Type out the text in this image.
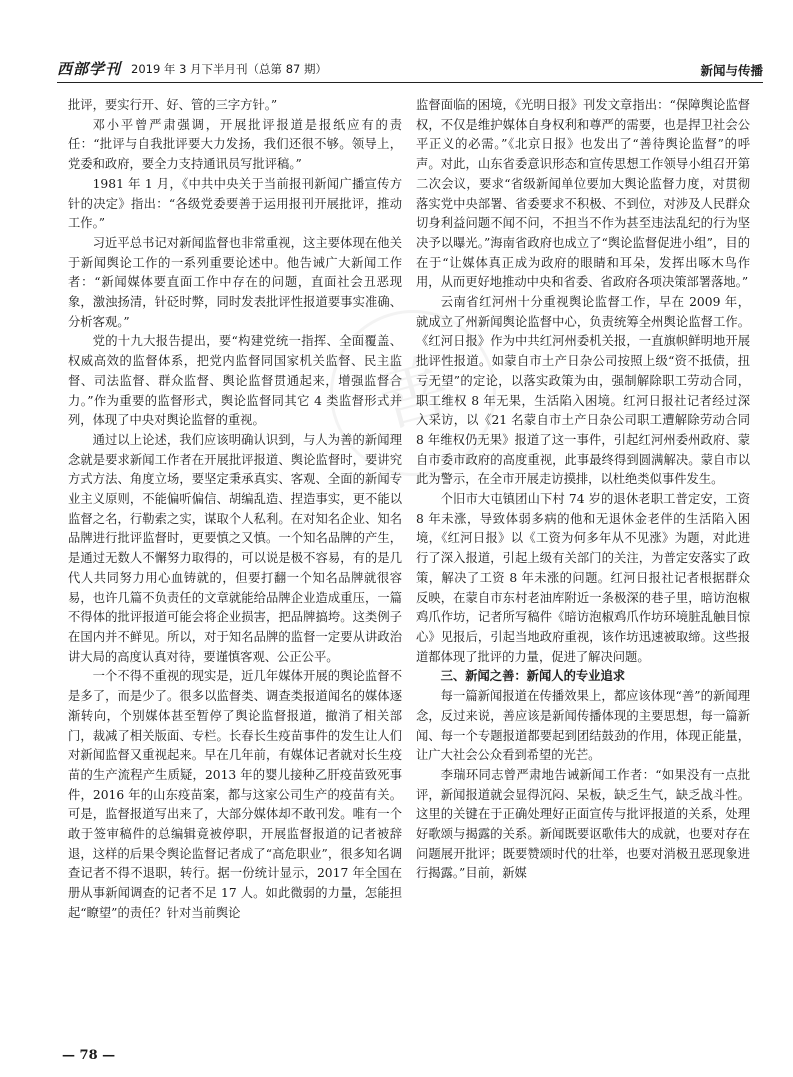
西部学刊 2019 年 3 月下半月刊（总第 87 期）	新闻与传播
善

批评，要实行开、好、管的三字方针。”

邓小平曾严肃强调，开展批评报道是报纸应有的责任：“批评与自我批评要大力发扬，我们还很不够。领导上，党委和政府，要全力支持通讯员写批评稿。”

1981 年 1 月，《中共中央关于当前报刊新闻广播宣传方针的决定》指出：“各级党委要善于运用报刊开展批评，推动工作。”

习近平总书记对新闻监督也非常重视，这主要体现在他关于新闻舆论工作的一系列重要论述中。他告诫广大新闻工作者：“新闻媒体要直面工作中存在的问题，直面社会丑恶现象，激浊扬清，针砭时弊，同时发表批评性报道要事实准确、分析客观。”

党的十九大报告提出，要“构建党统一指挥、全面覆盖、权威高效的监督体系，把党内监督同国家机关监督、民主监督、司法监督、群众监督、舆论监督贯通起来，增强监督合力。”作为重要的监督形式，舆论监督同其它 4 类监督形式并列，体现了中央对舆论监督的重视。

通过以上论述，我们应该明确认识到，与人为善的新闻理念就是要求新闻工作者在开展批评报道、舆论监督时，要讲究方式方法、角度立场，要坚定秉承真实、客观、全面的新闻专业主义原则，不能偏听偏信、胡编乱造、捏造事实，更不能以监督之名，行勒索之实，谋取个人私利。在对知名企业、知名品牌进行批评监督时，更要慎之又慎。一个知名品牌的产生，是通过无数人不懈努力取得的，可以说是极不容易，有的是几代人共同努力用心血铸就的，但要打翻一个知名品牌就很容易，也许几篇不负责任的文章就能给品牌企业造成重压，一篇不得体的批评报道可能会将企业损害，把品牌搞垮。这类例子在国内并不鲜见。所以，对于知名品牌的监督一定要从讲政治讲大局的高度认真对待，要谨慎客观、公正公平。

一个不得不重视的现实是，近几年媒体开展的舆论监督不是多了，而是少了。很多以监督类、调查类报道闻名的媒体逐渐转向，个别媒体甚至暂停了舆论监督报道，撤消了相关部门，裁减了相关版面、专栏。长春长生疫苗事件的发生让人们对新闻监督又重视起来。早在几年前，有媒体记者就对长生疫苗的生产流程产生质疑，2013 年的婴儿接种乙肝疫苗致死事件，2016 年的山东疫苗案，都与这家公司生产的疫苗有关。可是，监督报道写出来了，大部分媒体却不敢刊发。唯有一个敢于签审稿件的总编辑竟被停职，开展监督报道的记者被辞退，这样的后果令舆论监督记者成了“高危职业”，很多知名调查记者不得不退职，转行。据一份统计显示，2017 年全国在册从事新闻调查的记者不足 17 人。如此微弱的力量，怎能担起“瞭望”的责任？针对当前舆论

监督面临的困境，《光明日报》刊发文章指出：“保障舆论监督权，不仅是维护媒体自身权利和尊严的需要，也是捍卫社会公平正义的必需。”《北京日报》也发出了“善待舆论监督”的呼声。对此，山东省委意识形态和宣传思想工作领导小组召开第二次会议，要求“省级新闻单位要加大舆论监督力度，对贯彻落实党中央部署、省委要求不积极、不到位，对涉及人民群众切身利益问题不闻不问，不担当不作为甚至违法乱纪的行为坚决予以曝光。”海南省政府也成立了“舆论监督促进小组”，目的在于“让媒体真正成为政府的眼睛和耳朵，发挥出啄木鸟作用，从而更好地推动中央和省委、省政府各项决策部署落地。”

云南省红河州十分重视舆论监督工作，早在 2009 年，就成立了州新闻舆论监督中心，负责统筹全州舆论监督工作。《红河日报》作为中共红河州委机关报，一直旗帜鲜明地开展批评性报道。如蒙自市土产日杂公司按照上级“资不抵债，扭亏无望”的定论，以落实政策为由，强制解除职工劳动合同，职工维权 8 年无果，生活陷入困境。红河日报社记者经过深入采访，以《21 名蒙自市土产日杂公司职工遭解除劳动合同 8 年维权仍无果》报道了这一事件，引起红河州委州政府、蒙自市委市政府的高度重视，此事最终得到圆满解决。蒙自市以此为警示，在全市开展走访摸排，以杜绝类似事件发生。

个旧市大屯镇团山下村 74 岁的退休老职工普定安，工资 8 年未涨，导致体弱多病的他和无退休金老伴的生活陷入困境，《红河日报》以《工资为何多年从不见涨》为题，对此进行了深入报道，引起上级有关部门的关注，为普定安落实了政策，解决了工资 8 年未涨的问题。红河日报社记者根据群众反映，在蒙自市东村老油库附近一条极深的巷子里，暗访泡椒鸡爪作坊，记者所写稿件《暗访泡椒鸡爪作坊环境脏乱触目惊心》见报后，引起当地政府重视，该作坊迅速被取缔。这些报道都体现了批评的力量，促进了解决问题。

三、新闻之善：新闻人的专业追求

每一篇新闻报道在传播效果上，都应该体现“善”的新闻理念，反过来说，善应该是新闻传播体现的主要思想，每一篇新闻、每一个专题报道都要起到团结鼓劲的作用，体现正能量，让广大社会公众看到希望的光芒。

李瑞环同志曾严肃地告诫新闻工作者：“如果没有一点批评，新闻报道就会显得沉闷、呆板，缺乏生气，缺乏战斗性。这里的关键在于正确处理好正面宣传与批评报道的关系，处理好歌颂与揭露的关系。新闻既要讴歌伟大的成就，也要对存在问题展开批评；既要赞颂时代的壮举，也要对消极丑恶现象进行揭露。”目前，新媒

— 78 —
